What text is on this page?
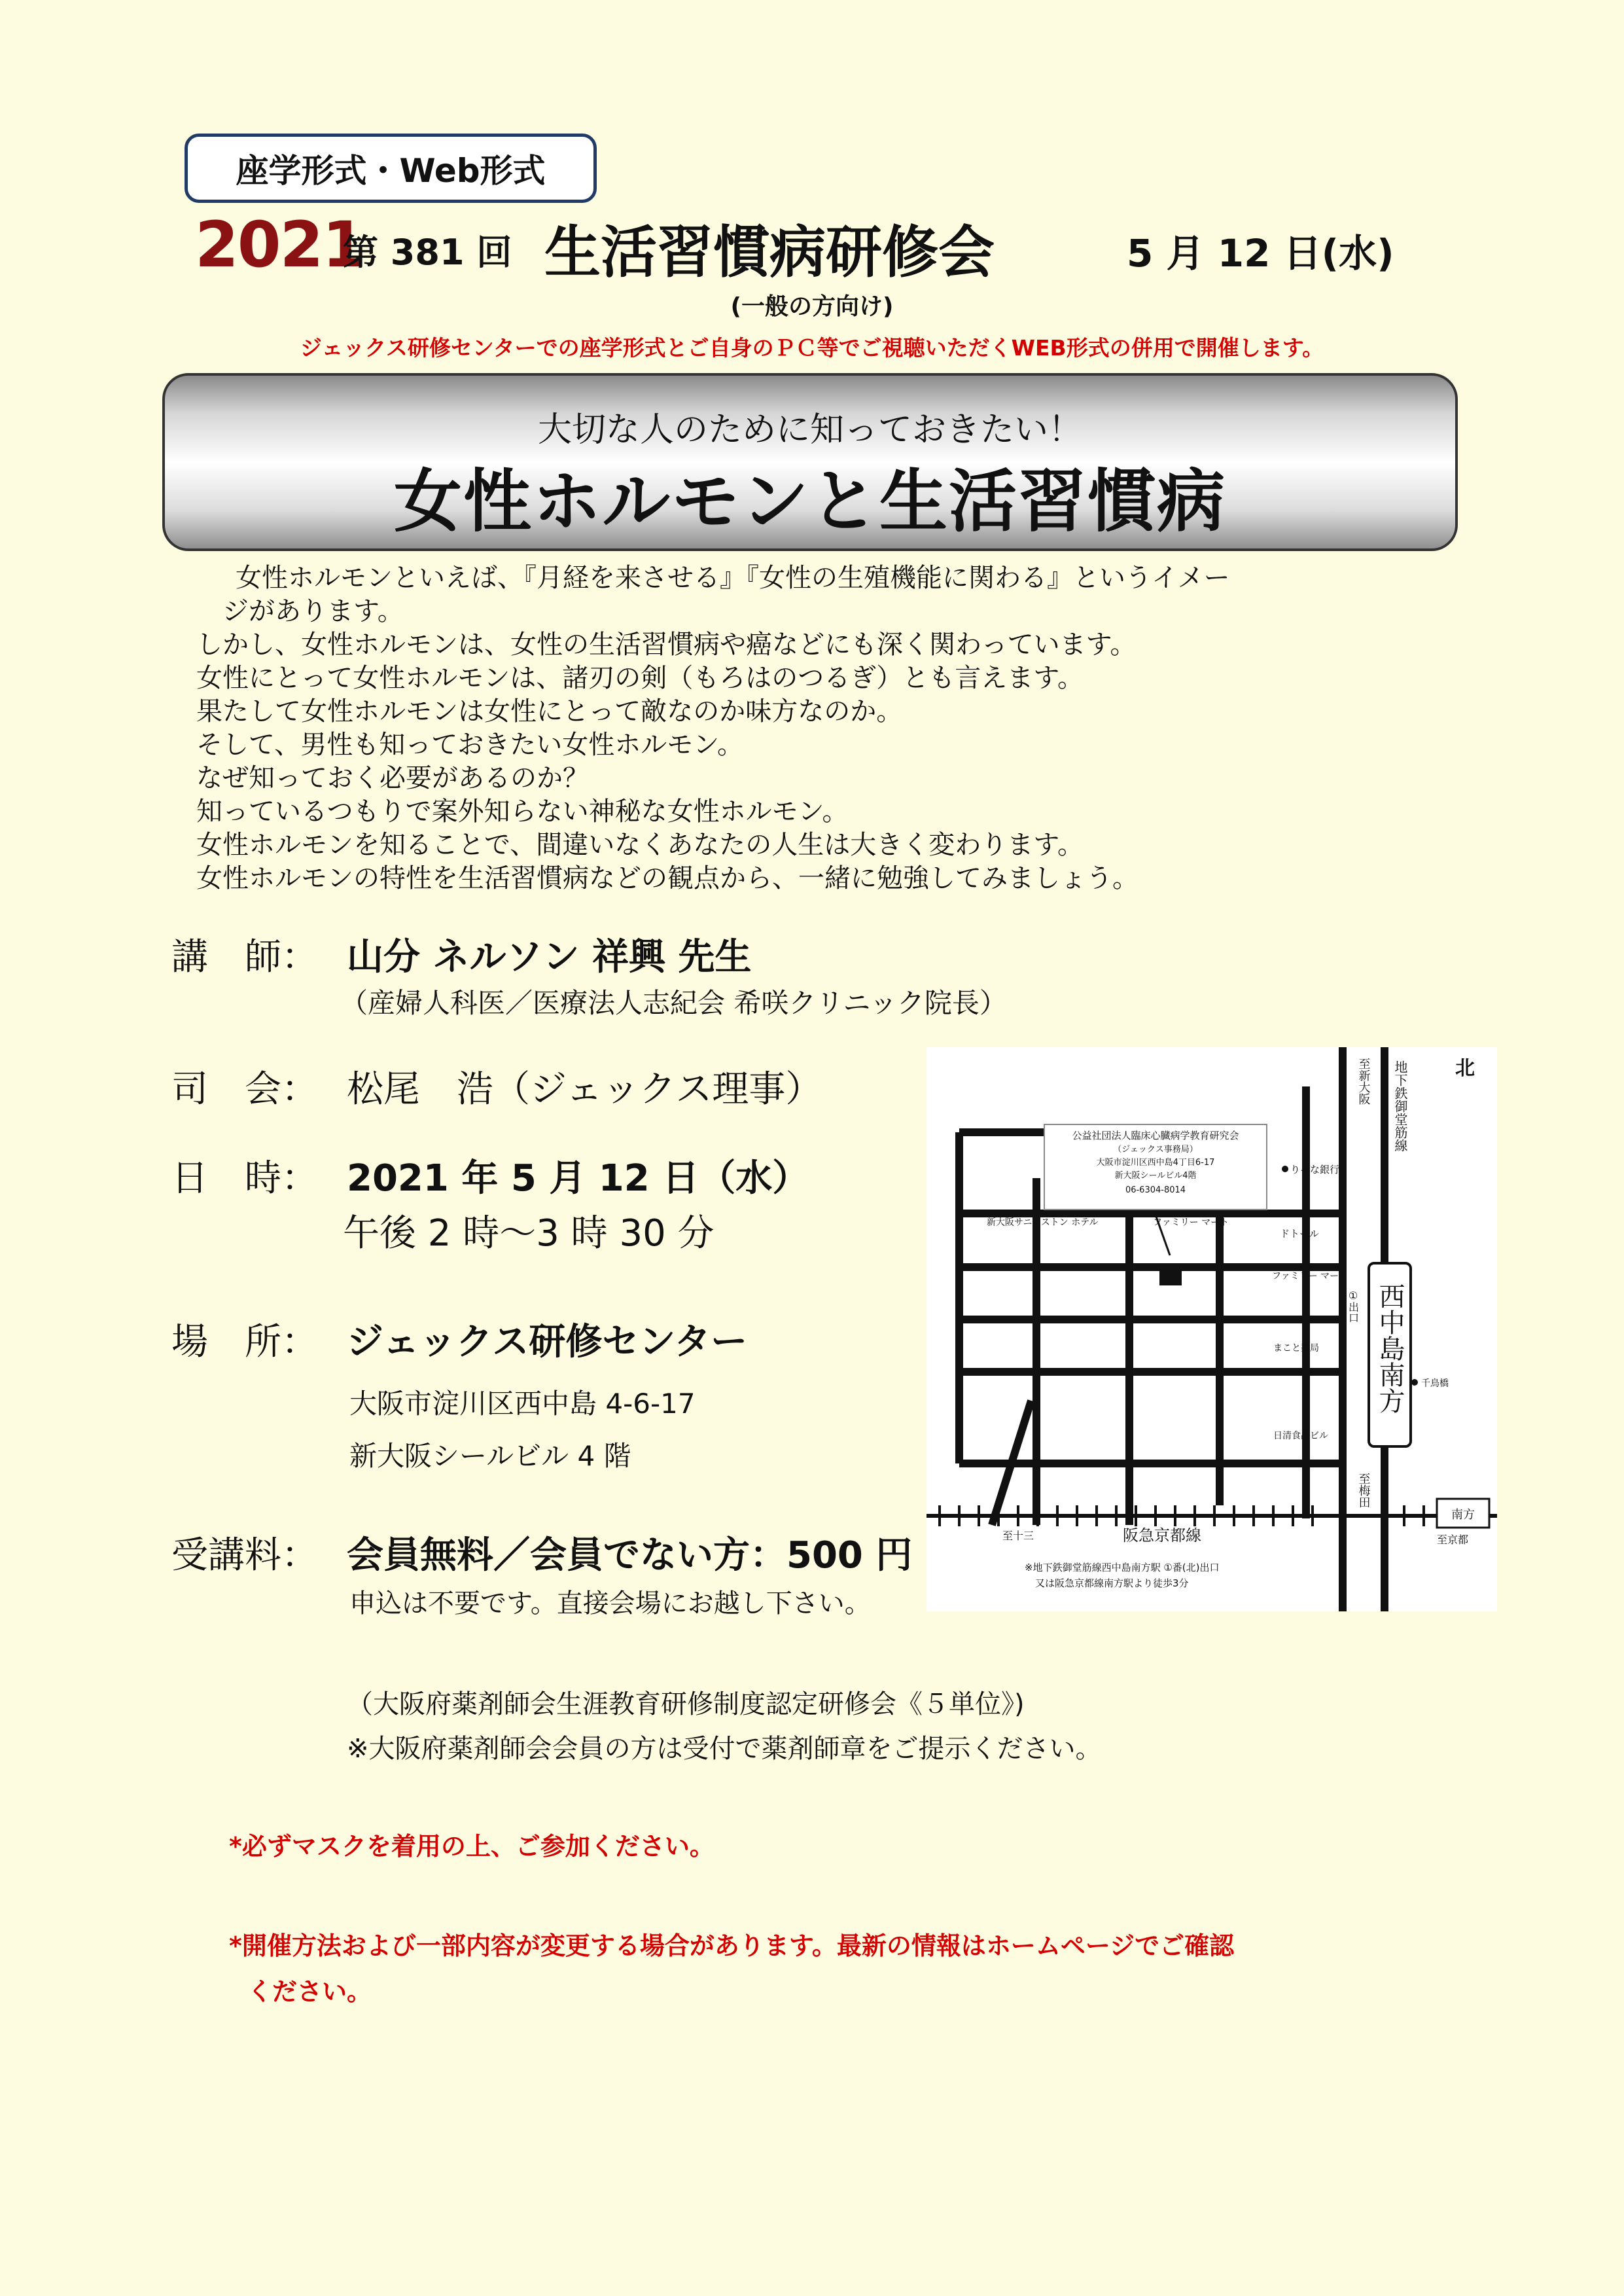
座学形式・Web形式
2021
第 381 回 生活習慣病研修会	5 月 12 日(水)
(一般の方向け)
ジェックス研修センターでの座学形式とご自身のＰＣ等でご視聴いただくWEB形式の併用で開催します。
大切な人のために知っておきたい！
女性ホルモンと生活習慣病
女性ホルモンといえば、『月経を来させる』『女性の生殖機能に関わる』というイメー
ジがあります。
しかし、女性ホルモンは、女性の生活習慣病や癌などにも深く関わっています。
女性にとって女性ホルモンは、諸刃の剣（もろはのつるぎ）とも言えます。
果たして女性ホルモンは女性にとって敵なのか味方なのか。
そして、男性も知っておきたい女性ホルモン。
なぜ知っておく必要があるのか？
知っているつもりで案外知らない神秘な女性ホルモン。
女性ホルモンを知ることで、間違いなくあなたの人生は大きく変わります。
女性ホルモンの特性を生活習慣病などの観点から、一緒に勉強してみましょう。
講　師： 山分 ネルソン 祥興 先生
（産婦人科医／医療法人志紀会 希咲クリニック院長）
司　会： 松尾　浩（ジェックス理事）
日　時： 2021 年 5 月 12 日（水）
午後 2 時〜3 時 30 分
場　所： ジェックス研修センター
大阪市淀川区西中島 4-6-17
新大阪シールビル 4 階
受講料： 会員無料／会員でない方：500 円
申込は不要です。直接会場にお越し下さい。
北
公益社団法人臨床心臓病学教育研究会
（ジェックス事務局）
大阪市淀川区西中島4丁目6-17
新大阪シールビル4階
06-6304-8014
りそな銀行
ドトール
新大阪サニーストン ホテル	ファミリー マート
ファミリー マート
まこと薬局
千鳥橋
日清食品ビル
阪急京都線
至十三
南方
至京都
※地下鉄御堂筋線西中島南方駅 ①番(北)出口
又は阪急京都線南方駅より徒歩3分
①出口
至新大阪 地下鉄御堂筋線
至梅田
西中島南方
（大阪府薬剤師会生涯教育研修制度認定研修会《５単位》)
※大阪府薬剤師会会員の方は受付で薬剤師章をご提示ください。
*必ずマスクを着用の上、ご参加ください。
*開催方法および一部内容が変更する場合があります。最新の情報はホームページでご確認
ください。
